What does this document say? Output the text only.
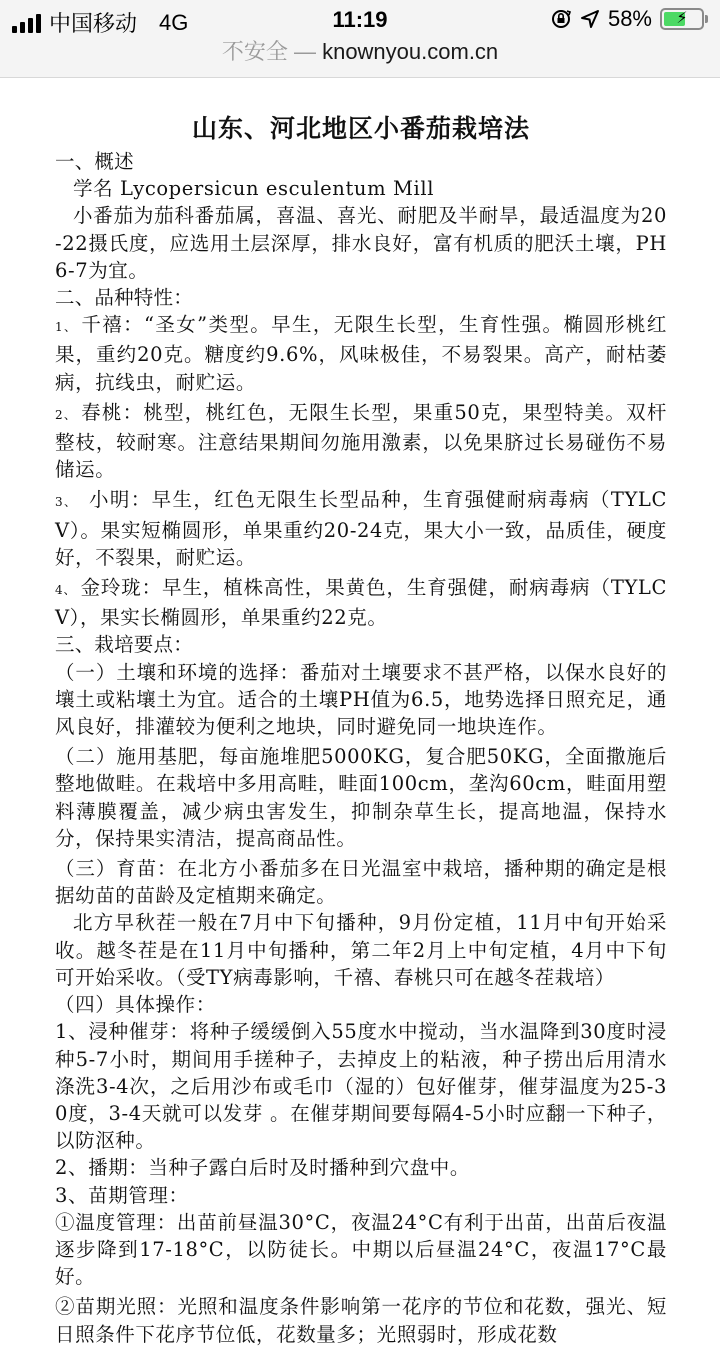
中国移动 4G	11:19	58%	⚡
不安全 — knownyou.com.cn
山东、河北地区小番茄栽培法

一、概述

学名 Lycopersicun esculentum Mill

小番茄为茄科番茄属，喜温、喜光、耐肥及半耐旱，最适温度为20-22摄氏度，应选用土层深厚，排水良好，富有机质的肥沃土壤，PH6-7为宜。

二、品种特性：

1、 千禧：“圣女”类型。早生，无限生长型，生育性强。椭圆形桃红果，重约20克。糖度约9.6%，风味极佳，不易裂果。高产，耐枯萎病，抗线虫，耐贮运。

2、 春桃：桃型，桃红色，无限生长型，果重50克，果型特美。双杆整枝，较耐寒。注意结果期间勿施用激素，以免果脐过长易碰伤不易储运。

3、 小明：早生，红色无限生长型品种，生育强健耐病毒病（TYLCV）。果实短椭圆形，单果重约20-24克，果大小一致，品质佳，硬度好，不裂果，耐贮运。

4、 金玲珑：早生，植株高性，果黄色，生育强健，耐病毒病（TYLCV），果实长椭圆形，单果重约22克。

三、栽培要点：

（一）土壤和环境的选择：番茄对土壤要求不甚严格，以保水良好的壤土或粘壤土为宜。适合的土壤PH值为6.5，地势选择日照充足，通风良好，排灌较为便利之地块，同时避免同一地块连作。

（二）施用基肥，每亩施堆肥5000KG，复合肥50KG，全面撒施后整地做畦。在栽培中多用高畦，畦面100cm，垄沟60cm，畦面用塑料薄膜覆盖，减少病虫害发生，抑制杂草生长，提高地温，保持水分，保持果实清洁，提高商品性。

（三）育苗：在北方小番茄多在日光温室中栽培，播种期的确定是根据幼苗的苗龄及定植期来确定。

北方早秋茬一般在7月中下旬播种，9月份定植，11月中旬开始采收。越冬茬是在11月中旬播种，第二年2月上中旬定植，4月中下旬可开始采收。（受TY病毒影响，千禧、春桃只可在越冬茬栽培）

（四）具体操作：

1、浸种催芽：将种子缓缓倒入55度水中搅动，当水温降到30度时浸种5-7小时，期间用手搓种子，去掉皮上的粘液，种子捞出后用清水涤洗3-4次，之后用沙布或毛巾（湿的）包好催芽，催芽温度为25-30度，3-4天就可以发芽 。在催芽期间要每隔4-5小时应翻一下种子，以防沤种。

2、播期：当种子露白后时及时播种到穴盘中。

3、苗期管理：

①温度管理：出苗前昼温30°C，夜温24°C有利于出苗，出苗后夜温逐步降到17-18°C，以防徒长。中期以后昼温24°C，夜温17°C最好。

②苗期光照：光照和温度条件影响第一花序的节位和花数，强光、短日照条件下花序节位低，花数量多；光照弱时，形成花数
